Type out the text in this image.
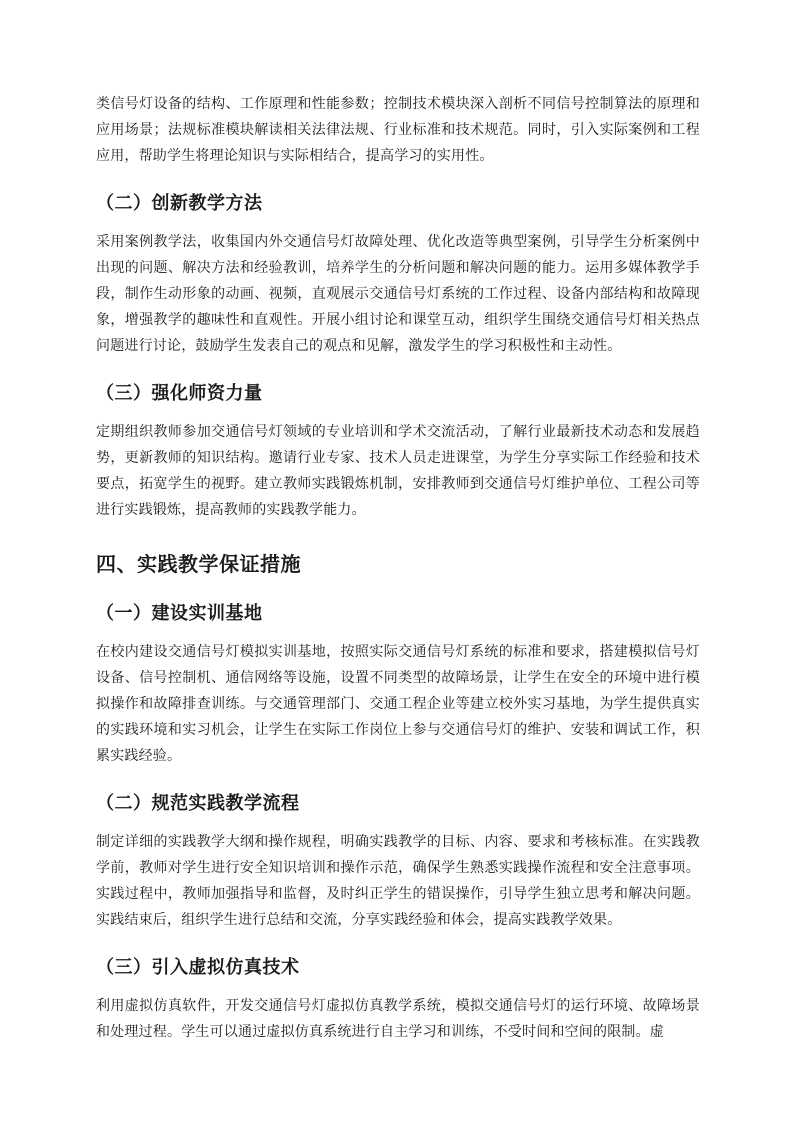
类信号灯设备的结构、工作原理和性能参数；控制技术模块深入剖析不同信号控制算法的原理和应用场景；法规标准模块解读相关法律法规、行业标准和技术规范。同时，引入实际案例和工程应用，帮助学生将理论知识与实际相结合，提高学习的实用性。

（二）创新教学方法

采用案例教学法，收集国内外交通信号灯故障处理、优化改造等典型案例，引导学生分析案例中出现的问题、解决方法和经验教训，培养学生的分析问题和解决问题的能力。运用多媒体教学手段，制作生动形象的动画、视频，直观展示交通信号灯系统的工作过程、设备内部结构和故障现象，增强教学的趣味性和直观性。开展小组讨论和课堂互动，组织学生围绕交通信号灯相关热点问题进行讨论，鼓励学生发表自己的观点和见解，激发学生的学习积极性和主动性。

（三）强化师资力量

定期组织教师参加交通信号灯领域的专业培训和学术交流活动，了解行业最新技术动态和发展趋势，更新教师的知识结构。邀请行业专家、技术人员走进课堂，为学生分享实际工作经验和技术要点，拓宽学生的视野。建立教师实践锻炼机制，安排教师到交通信号灯维护单位、工程公司等进行实践锻炼，提高教师的实践教学能力。

四、实践教学保证措施
（一）建设实训基地

在校内建设交通信号灯模拟实训基地，按照实际交通信号灯系统的标准和要求，搭建模拟信号灯设备、信号控制机、通信网络等设施，设置不同类型的故障场景，让学生在安全的环境中进行模拟操作和故障排查训练。与交通管理部门、交通工程企业等建立校外实习基地，为学生提供真实的实践环境和实习机会，让学生在实际工作岗位上参与交通信号灯的维护、安装和调试工作，积累实践经验。

（二）规范实践教学流程

制定详细的实践教学大纲和操作规程，明确实践教学的目标、内容、要求和考核标准。在实践教学前，教师对学生进行安全知识培训和操作示范，确保学生熟悉实践操作流程和安全注意事项。实践过程中，教师加强指导和监督，及时纠正学生的错误操作，引导学生独立思考和解决问题。实践结束后，组织学生进行总结和交流，分享实践经验和体会，提高实践教学效果。

（三）引入虚拟仿真技术

利用虚拟仿真软件，开发交通信号灯虚拟仿真教学系统，模拟交通信号灯的运行环境、故障场景和处理过程。学生可以通过虚拟仿真系统进行自主学习和训练，不受时间和空间的限制。虚
